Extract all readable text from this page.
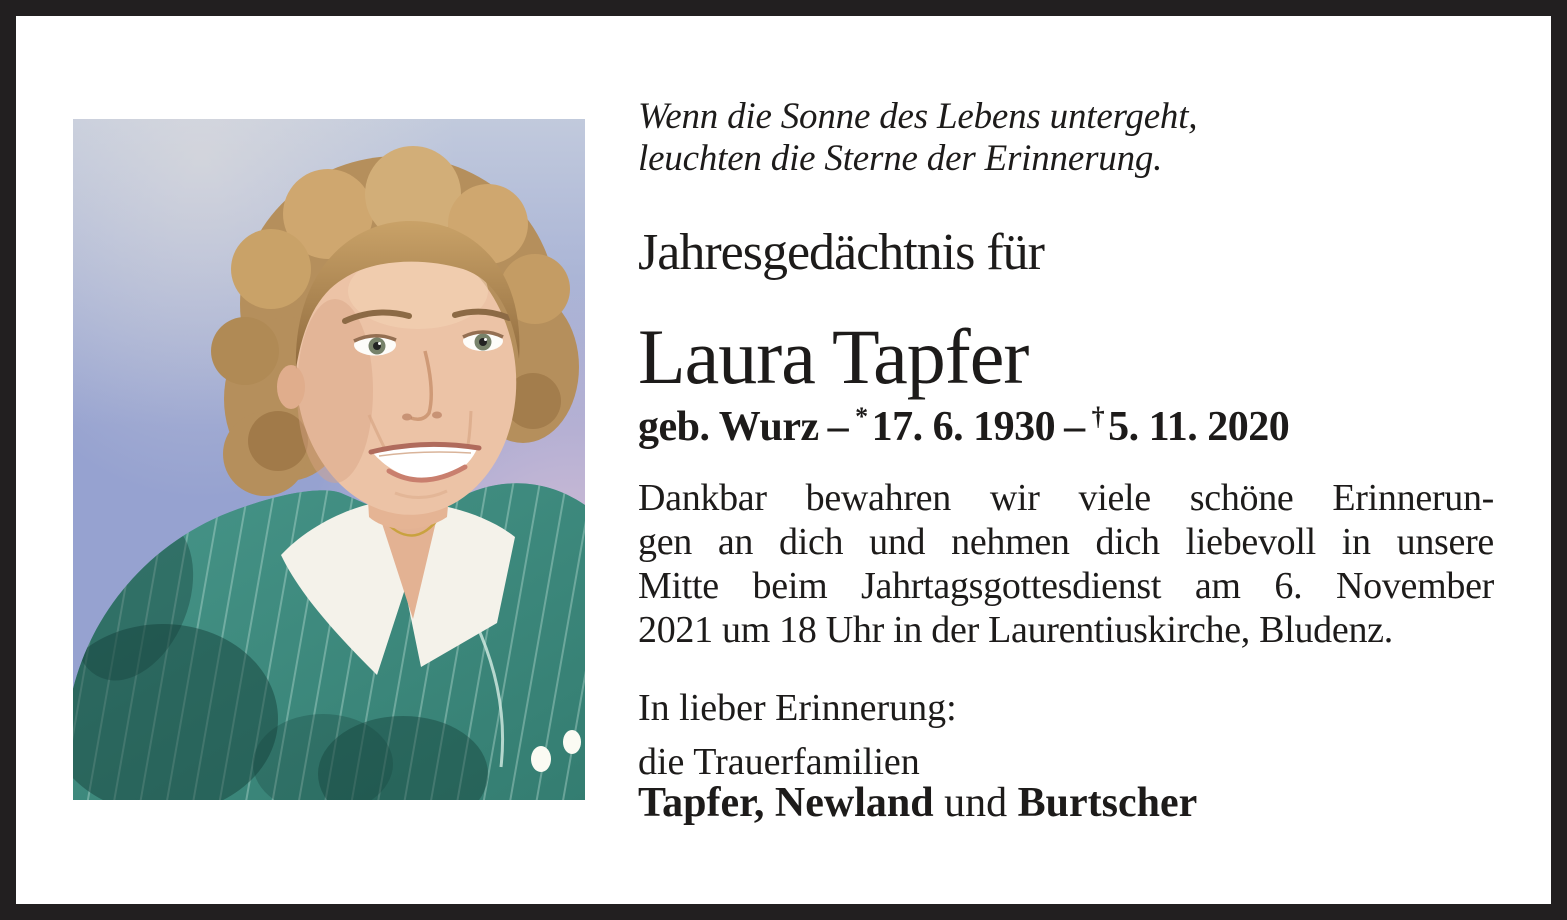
Wenn die Sonne des Lebens untergeht,
leuchten die Sterne der Erinnerung.
Jahresgedächtnis für
Laura Tapfer
geb. Wurz – *17. 6. 1930 – †5. 11. 2020
Dankbar bewahren wir viele schöne Erinnerun-
gen an dich und nehmen dich liebevoll in unsere
Mitte beim Jahrtagsgottesdienst am 6. November
2021 um 18 Uhr in der Laurentiuskirche, Bludenz.
In lieber Erinnerung:
die Trauerfamilien
Tapfer, Newland und Burtscher
